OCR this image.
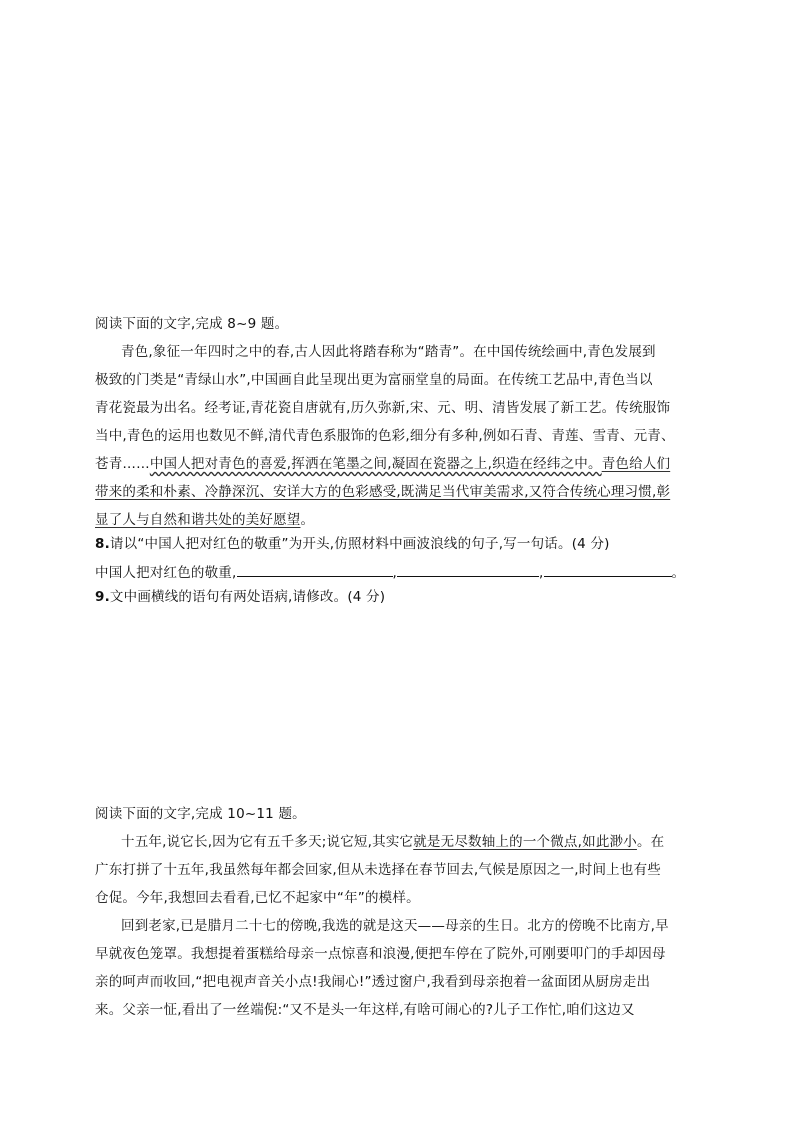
阅读下面的文字,完成 8~9 题。
青色,象征一年四时之中的春,古人因此将踏春称为“踏青”。在中国传统绘画中,青色发展到
极致的门类是“青绿山水”,中国画自此呈现出更为富丽堂皇的局面。在传统工艺品中,青色当以
青花瓷最为出名。经考证,青花瓷自唐就有,历久弥新,宋、元、明、清皆发展了新工艺。传统服饰
当中,青色的运用也数见不鲜,清代青色系服饰的色彩,细分有多种,例如石青、青莲、雪青、元青、
苍青……中国人把对青色的喜爱,挥洒在笔墨之间,凝固在瓷器之上,织造在经纬之中。青色给人们
带来的柔和朴素、冷静深沉、安详大方的色彩感受,既满足当代审美需求,又符合传统心理习惯,彰
显了人与自然和谐共处的美好愿望。
8.请以“中国人把对红色的敬重”为开头,仿照材料中画波浪线的句子,写一句话。(4 分)
中国人把对红色的敬重,	,	,	。
9.文中画横线的语句有两处语病,请修改。(4 分)
阅读下面的文字,完成 10~11 题。
十五年,说它长,因为它有五千多天;说它短,其实它就是无尽数轴上的一个微点,如此渺小。在
广东打拼了十五年,我虽然每年都会回家,但从未选择在春节回去,气候是原因之一,时间上也有些
仓促。今年,我想回去看看,已忆不起家中“年”的模样。
回到老家,已是腊月二十七的傍晚,我选的就是这天——母亲的生日。北方的傍晚不比南方,早
早就夜色笼罩。我想提着蛋糕给母亲一点惊喜和浪漫,便把车停在了院外,可刚要叩门的手却因母
亲的呵声而收回,“把电视声音关小点!我闹心!”透过窗户,我看到母亲抱着一盆面团从厨房走出
来。父亲一怔,看出了一丝端倪:“又不是头一年这样,有啥可闹心的?儿子工作忙,咱们这边又
